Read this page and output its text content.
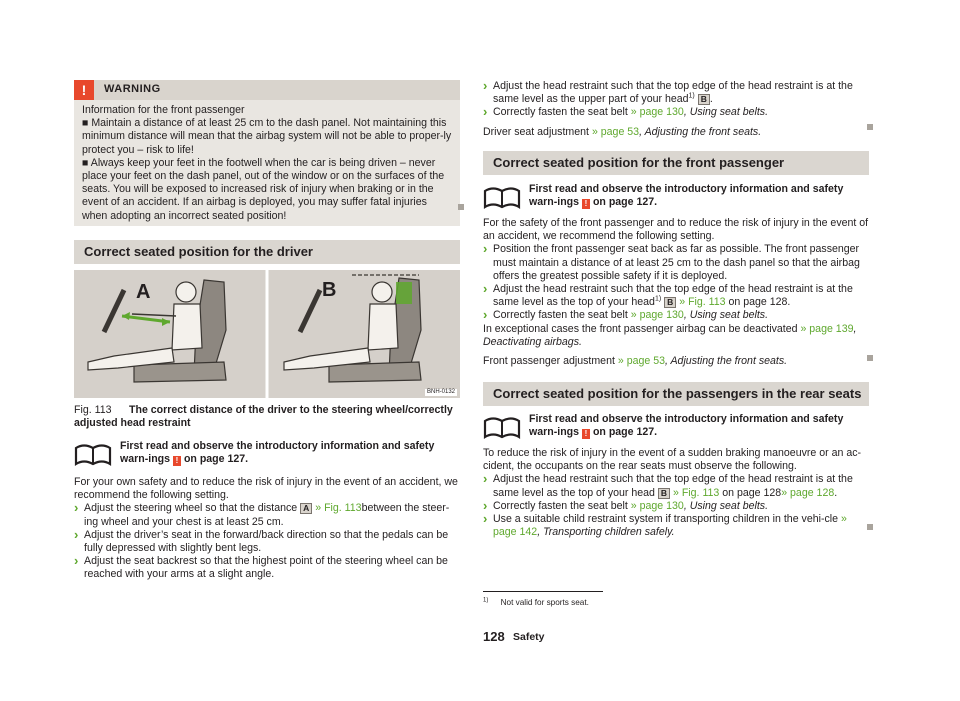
!	WARNING

Information for the front passenger

■ Maintain a distance of at least 25 cm to the dash panel. Not maintaining this minimum distance will mean that the airbag system will not be able to proper-ly protect you – risk to life!

■ Always keep your feet in the footwell when the car is being driven – never place your feet on the dash panel, out of the window or on the surfaces of the seats. You will be exposed to increased risk of injury when braking or in the event of an accident. If an airbag is deployed, you may suffer fatal injuries when adopting an incorrect seated position!

Correct seated position for the driver
A	B
BNH-0132
Fig. 113 The correct distance of the driver to the steering wheel/correctly adjusted head restraint
First read and observe the introductory information and safety warn-ings ! on page 127.

For your own safety and to reduce the risk of injury in the event of an accident, we recommend the following setting.

› Adjust the steering wheel so that the distance A » Fig. 113between the steer-ing wheel and your chest is at least 25 cm.

› Adjust the driver’s seat in the forward/back direction so that the pedals can be fully depressed with slightly bent legs.

› Adjust the seat backrest so that the highest point of the steering wheel can be reached with your arms at a slight angle.

› Adjust the head restraint such that the top edge of the head restraint is at the same level as the upper part of your head$^{1)}$ B .

› Correctly fasten the seat belt » page 130, Using seat belts.

Driver seat adjustment » page 53, Adjusting the front seats.

Correct seated position for the front passenger
First read and observe the introductory information and safety warn-ings ! on page 127.

For the safety of the front passenger and to reduce the risk of injury in the event of an accident, we recommend the following setting.

› Position the front passenger seat back as far as possible. The front passenger must maintain a distance of at least 25 cm to the dash panel so that the airbag offers the greatest possible safety if it is deployed.

› Adjust the head restraint such that the top edge of the head restraint is at the same level as the top of your head$^{1)}$ B » Fig. 113 on page 128.

› Correctly fasten the seat belt » page 130, Using seat belts.

In exceptional cases the front passenger airbag can be deactivated » page 139, Deactivating airbags.

Front passenger adjustment » page 53, Adjusting the front seats.

Correct seated position for the passengers in the rear seats
First read and observe the introductory information and safety warn-ings ! on page 127.

To reduce the risk of injury in the event of a sudden braking manoeuvre or an ac-cident, the occupants on the rear seats must observe the following.

› Adjust the head restraint such that the top edge of the head restraint is at the same level as the top of your head B » Fig. 113 on page 128» page 128.

› Correctly fasten the seat belt » page 130, Using seat belts.

› Use a suitable child restraint system if transporting children in the vehi-cle » page 142, Transporting children safely.

$^{1)}$ Not valid for sports seat.
128 Safety
